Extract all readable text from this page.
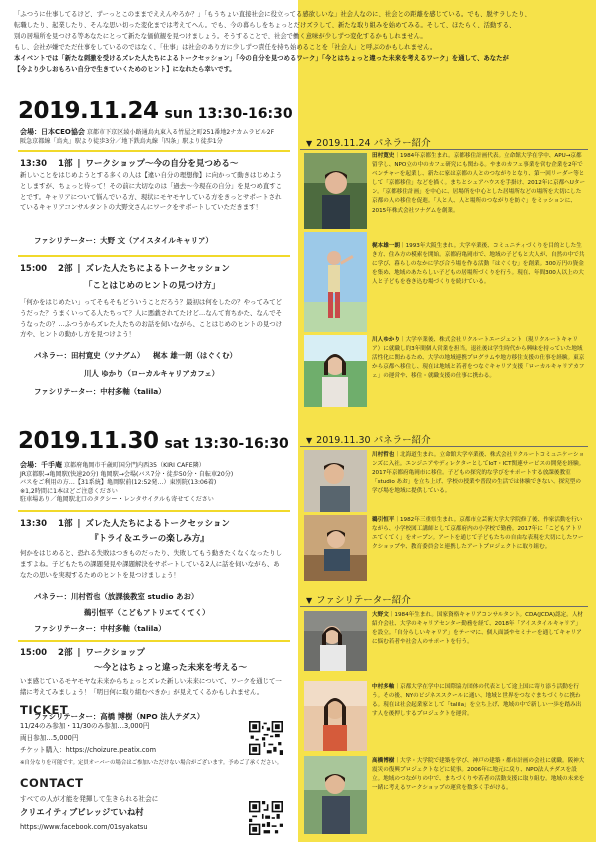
「ふつうに仕事してるけど、ずーっとこのままでええんやろか？」「もうちょい直接社会に役立ってる感欲しいな」社会人なのに、社会との距離を感じている。でも、脱サラしたり、
転職したり、起業したり、そんな思い切った変化までは考えてへん。でも、今の暮らしをちょっとだけズラして、新たな取り組みを始めてみる。そして、ほたらく、活動する、
別の居場所を見つける等あなたにとって新たな価値観を見つけましょう。そうすることで、社会で働く意味が少しずつ変化するかもしれません。
もし、会社が嫌でただ仕事をしているのではなく、「仕事」は社会のあり方に少しずつ責任を持ち始めることを「社会人」と呼ぶのかもしれません。
本イベントでは「新たな刺激を受けるズレた人たちによるトークセッション」「今の自分を見つめるワーク」「今とはちょっと違った未来を考えるワーク」を通して、あなたが
【今より少しおもろい自分で生きていくためのヒント】になれたら幸いです。
2019.11.24 sun 13:30-16:30
会場：日本CEO協会 京都市下京区綾小路通烏丸東入る竹屋之町251番地2ナカムラビル2F
阪急京都線「烏丸」駅より徒歩3分／地下鉄烏丸線「四条」駅より徒歩1分
13:30 1部 | ワークショップ〜今の自分を見つめる〜
新しいことをはじめようとする多くの人は【違い自分の理想像】に向かって動きはじめようとしますが、ちょっと待って！その前に大切なのは「過去〜今現在の自分」を見つめ直すことです。キャリアについて悩んでいる方、現状にモヤモヤしている方をきっとサポートされているキャリアコンサルタントの大野文さんにワークをサポートしていただきます！
ファシリテーター：大野 文（アイスタイルキャリア）
15:00 2部 | ズレた人たちによるトークセッション
「ことはじめのヒントの見つけ方」
「何かをはじめたい」ってそもそもどういうことだろう？最初は何をしたの？やってみてどうだった？うまくいってる人たちって？人に悪戯されてたけど…なんて育ちかた、なんでそうなったの？…ふつうからズレた人たちのお話を伺いながら、ことはじめのヒントの見つけ方や、ヒントの動かし方を見つけよう！
パネラー：田村寛史（ツナグム） 梶本 雄一朗（はぐくむ）
川人 ゆかり（ローカルキャリアカフェ）
ファシリテーター：中村多軸（talila）
2019.11.30 sat 13:30-16:30
会場：千手庵 京都府亀岡市千歳町国分門内西35（KIRI CAFE隣）
JR京都駅→亀岡駅(快速20分) 亀岡駅→会場(バス7分・徒歩50分・自転車20分)
バスをご利用の方…【31系統】亀岡駅前(12:52発…）東別院(13:06着)
※1,2時間に1本ほどご注意ください
駐車場あり／亀岡駅北口のタクシー・レンタサイクルも寄せてください
13:30 1部 | ズレた人たちによるトークセッション
『トライ＆エラーの楽しみ方』
何かをはじめると、恐れる失敗はつきものだったり、失敗してもう動きたくなくなったりしますよね。子どもたちの課題発見や課題解決をサポートしている2人に話を伺いながら、あなたの思いを実現するためのヒントを見つけましょう！
パネラー：川村哲也（放課後教室 studio あお）
鵜引恒平（こどもアトリエてくてく）
ファシリテーター：中村多軸（talila）
15:00 2部 | ワークショップ
〜今とはちょっと違った未来を考える〜
いま感じているモヤモヤな未来からちょっとズレた新しい未来について、ワークを通じて一緒に考えてみましょう！「明日何に取り組むべきか」が見えてくるかもしれません。
ファシリテーター：高橋 博樹（NPO 法人テダス）
TICKET
11/24のみ参加・11/30のみ参加…3,000円
両日参加…5,000円
チケット購入：https://choizure.peatix.com
※自分なりを可能です。定員オーバーの場合はご参加いただけない場合がございます。予めご了承ください。
CONTACT
すべての人が才能を発揮して生きられる社会に
クリエイティブビレッジていね村
https://www.facebook.com/01syakatsu
▼ 2019.11.24 パネラー紹介
▼ 2019.11.30 パネラー紹介
▼ ファシリテーター紹介
田村寛史｜1984年京都生まれ。京都移住計画代表。立命館大学在学中、APU→京都留学し、NPO立の中のカフェ研究にも関わる。やまのカフェ事業を営む企業を2年でベンチャーを起業し、新たに家は京都の人とのつながりとなり、第一回リーダー等として「京都移住」などを描く。まちとシェアハウスを手掛け、2012年に京都へUターン。「京都移住計画」を中心に、居場所を中心とした居場所などの場所を大切にした京都の人の移住を促進。「人と人、人と場所のつながりを紡ぐ」をミッションに、2015年株式会社ツナグムを創業。
梶本雄一朗｜1993年大阪生まれ。大学卒業後、コミュニティづくりを目的とした生き方、住み方の模索を開始。京都府亀岡市で、地域の子どもと大人が、自然の中で共に学び、暮らしのなかに学び合う場を作る活動「はぐくむ」を創業。300万円の資金を集め、地域のあたらしい子どもの居場所づくりを行う。現在、年間300人以上の大人と子どもを巻き込む場づくりを続けている。
川人ゆかり｜大学卒業後、株式会社リクルートエージェント（現リクルートキャリア）に就職し約3年間個人営業を担当。退社後は学生時代から興味を持っていた地域活性化に関わるため、大学の地域連携プログラムや地方移住支援の仕事を経験。東京から京都へ移住し、現在は地域と若者をつなぐキャリア支援「ローカルキャリアカフェ」の運営や、移住・就職支援の仕事に携わる。
川村哲也｜北海道生まれ。立命館大学卒業後、株式会社リクルートコミュニケーションズに入社。エンジニアやディレクターとしてIoT・ICT関連サービスの開発を経験。2017年京都府亀岡市に移住。子どもの探究的な学びをサポートする放課後教室「studio あお」を立ち上げ、学校の授業や普段の生活では体験できない、探究型の学び場を地域に提供している。
鵜引恒平｜1982年三重県生まれ。京都市立芸術大学大学院修了後、作家活動を行いながら、小学校図工講師として京都府内の小学校で勤務。2017年に「こどもアトリエてくてく」をオープン。アートを通じて子どもたちの自由な表現を大切にしたワークショップや、教育委員会と連携したアートプロジェクトに取り組む。
大野文｜1984年生まれ。国家資格キャリアコンサルタント。CDA(JCDA)認定。人材紹介会社、大学のキャリアセンター勤務を経て、2018年「アイスタイルキャリア」を設立。「自分らしいキャリア」をテーマに、個人面談やセミナーを通してキャリアに悩む若者や社会人のサポートを行う。
中村多軸｜京都大学在学中に国際協力団体の代表として途上国に寄り添う活動を行う。その後、NYのビジネススクールに通い、地域と世界をつなぐまちづくりに携わる。現在は社会起業家として「talila」を立ち上げ、地域の中で新しい一歩を踏み出す人を後押しするプロジェクトを運営。
高橋博樹｜大学・大学院で建築を学び、神戸の建築・都市計画の会社に就職。阪神大震災の復興プロジェクトなどに従事。2006年に地元に戻り、NPO法人テダスを設立。地域のつながりの中で、まちづくりや若者の活動支援に取り組む。地域の未来を一緒に考えるワークショップの運営を数多く手がける。
